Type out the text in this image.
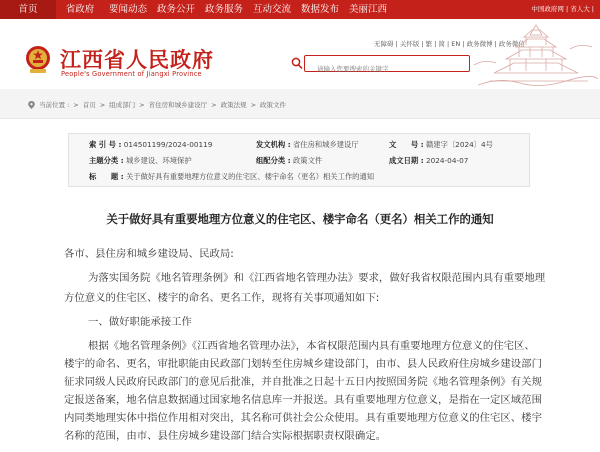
首页	省政府	要闻动态	政务公开	政务服务	互动交流	数据发布	美丽江西	中国政府网 | 省人大 |
江西省人民政府
People's Government of Jiangxi Province
无障碍 | 关怀版 | 繁 | 简 | EN | 政务微博 | 政务微信
请输入您要搜索的关键字
当前位置 : > 首页 > 组成部门 > 省住房和城乡建设厅 > 政策法规 > 政策文件
索 引 号 : 014501199/2024-00119	发文机构 : 省住房和城乡建设厅	文　　号 : 赣建字〔2024〕4号
主题分类 : 城乡建设、环境保护	组配分类 : 政策文件	成文日期 : 2024-04-07
标　　题 : 关于做好具有重要地理方位意义的住宅区、楼宇命名（更名）相关工作的通知
关于做好具有重要地理方位意义的住宅区、楼宇命名（更名）相关工作的通知
各市、县住房和城乡建设局、民政局:
为落实国务院《地名管理条例》和《江西省地名管理办法》要求，做好我省权限范围内具有重要地理
方位意义的住宅区、楼宇的命名、更名工作，现将有关事项通知如下:
一、做好职能承接工作
根据《地名管理条例》《江西省地名管理办法》，本省权限范围内具有重要地理方位意义的住宅区、
楼宇的命名、更名，审批职能由民政部门划转至住房城乡建设部门，由市、县人民政府住房城乡建设部门
征求同级人民政府民政部门的意见后批准，并自批准之日起十五日内按照国务院《地名管理条例》有关规
定报送备案，地名信息数据通过国家地名信息库一并报送。具有重要地理方位意义，是指在一定区域范围
内同类地理实体中指位作用相对突出，其名称可供社会公众使用。具有重要地理方位意义的住宅区、楼宇
名称的范围，由市、县住房城乡建设部门结合实际根据职责权限确定。
